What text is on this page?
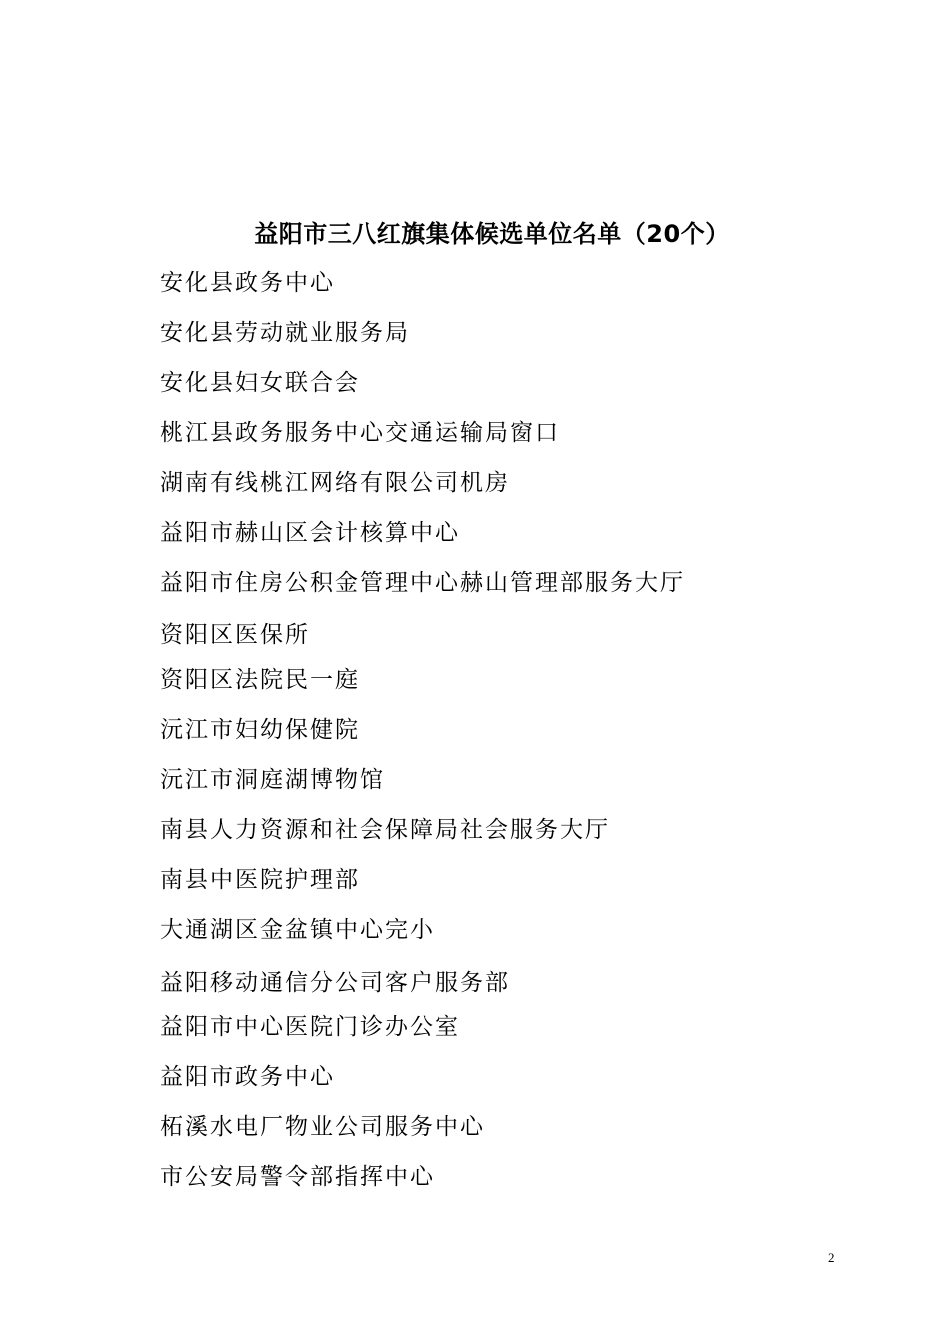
益阳市三八红旗集体候选单位名单（20个）
安化县政务中心
安化县劳动就业服务局
安化县妇女联合会
桃江县政务服务中心交通运输局窗口
湖南有线桃江网络有限公司机房
益阳市赫山区会计核算中心
益阳市住房公积金管理中心赫山管理部服务大厅
资阳区医保所
资阳区法院民一庭
沅江市妇幼保健院
沅江市洞庭湖博物馆
南县人力资源和社会保障局社会服务大厅
南县中医院护理部
大通湖区金盆镇中心完小
益阳移动通信分公司客户服务部
益阳市中心医院门诊办公室
益阳市政务中心
柘溪水电厂物业公司服务中心
市公安局警令部指挥中心
2
